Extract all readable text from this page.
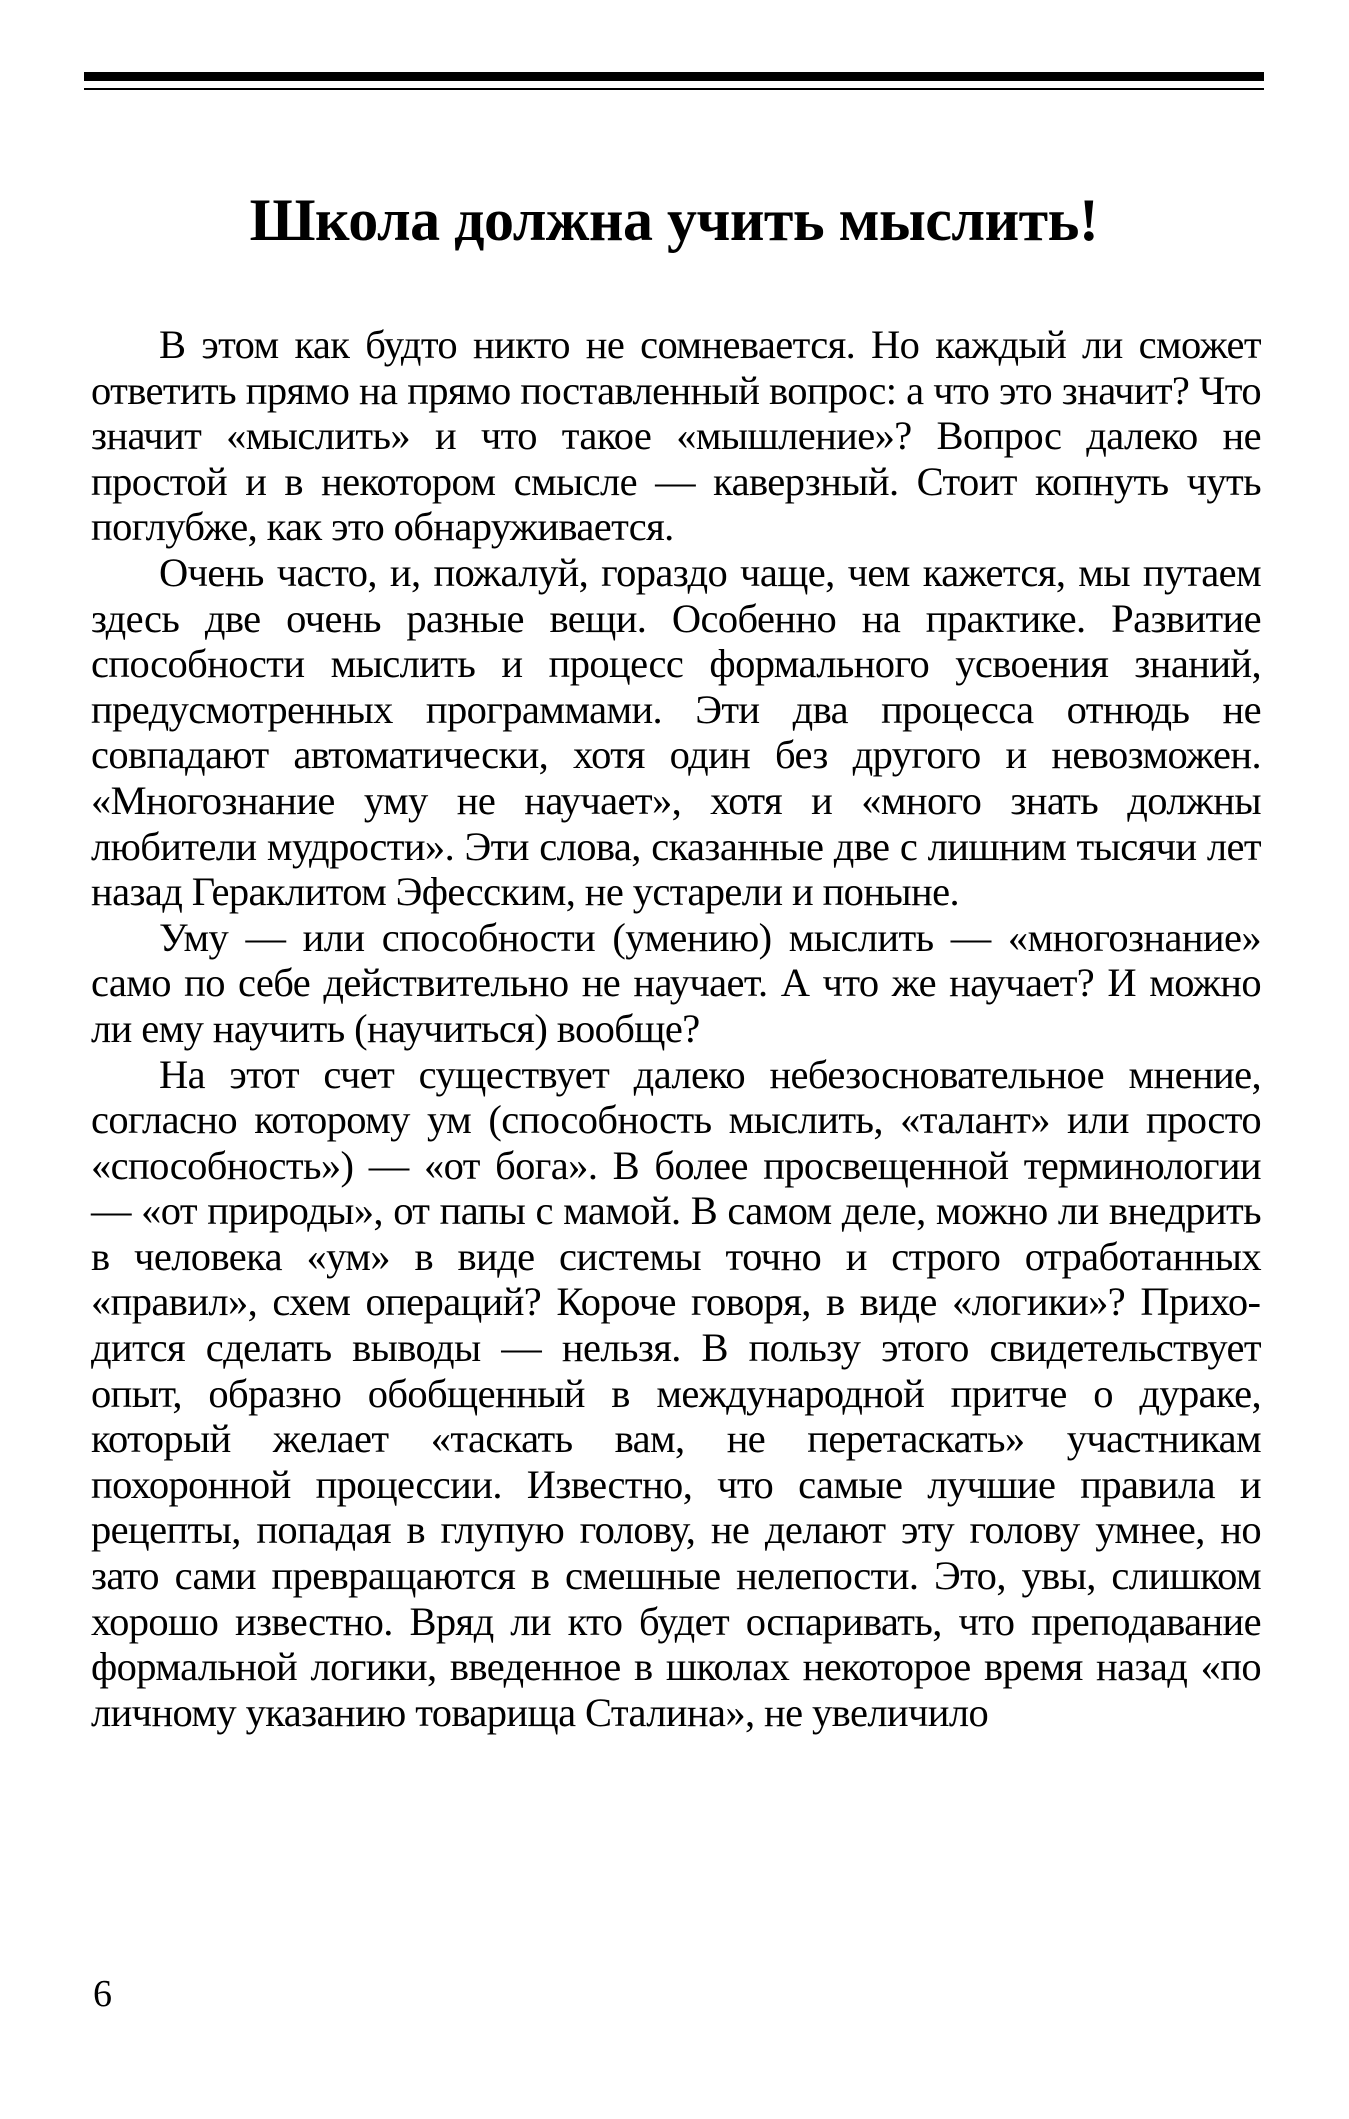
Школа должна учить мыслить!

В этом как будто никто не сомневается. Но каждый ли сможет ответить прямо на прямо поставленный вопрос: а что это значит? Что значит «мыслить» и что такое «мышление»? Вопрос далеко не простой и в некотором смысле — каверзный. Стоит копнуть чуть поглубже, как это обнаруживается.

Очень часто, и, пожалуй, гораздо чаще, чем кажется, мы путаем здесь две очень разные вещи. Особенно на практике. Развитие способности мыслить и процесс формального усвоения знаний, предусмотренных программами. Эти два процесса отнюдь не совпадают автоматически, хотя один без другого и невозможен. «Многознание уму не научает», хотя и «много знать должны любители мудрости». Эти слова, сказанные две с лишним тысячи лет назад Гераклитом Эфесским, не устарели и поныне.

Уму — или способности (умению) мыслить — «многознание» само по себе действительно не научает. А что же научает? И можно ли ему научить (научиться) вообще?

На этот счет существует далеко небезосновательное мнение, согласно которому ум (способность мыслить, «талант» или просто «способность») — «от бога». В более просвещенной терминологии — «от природы», от папы с мамой. В самом деле, можно ли внедрить в человека «ум» в виде системы точно и строго отработанных «правил», схем операций? Короче говоря, в виде «логики»? Приходится сделать выводы — нельзя. В пользу этого свидетельствует опыт, образно обобщенный в международной притче о дураке, который желает «таскать вам, не перетаскать» участникам похоронной процессии. Известно, что самые лучшие правила и рецепты, попадая в глупую голову, не делают эту голову умнее, но зато сами превращаются в смешные нелепости. Это, увы, слишком хорошо известно. Вряд ли кто будет оспаривать, что преподавание формальной логики, введенное в школах некоторое время назад «по личному указанию товарища Сталина», не увеличило

6
